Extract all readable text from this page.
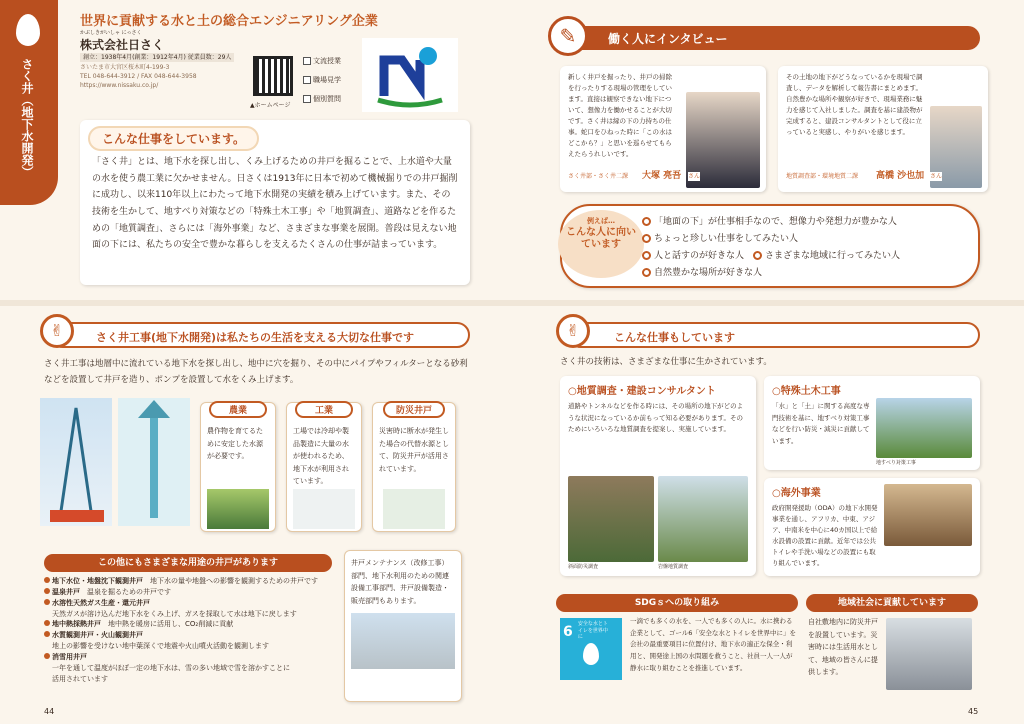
さく井（地下水開発）
世界に貢献する水と土の総合エンジニアリング企業
かぶしきがいしゃ にっさく
株式会社日さく
創立：1938年4月(創業：1912年4月) 従業員数：29人
さいたま市大宮区桜木町4-199-3
TEL 048-644-3912 / FAX 048-644-3958
https://www.nissaku.co.jp/
▲ホームページ
文流授業
職場見学
個別質問
こんな仕事をしています。
「さく井」とは、地下水を探し出し、くみ上げるための井戸を掘ることで、上水道や大量の水を使う農工業に欠かせません。日さくは1913年に日本で初めて機械掘りでの井戸掘削に成功し、以来110年以上にわたって地下水開発の実績を積み上げています。また、その技術を生かして、地すべり対策などの「特殊土木工事」や「地質調査」、道路などを作るための「地質調査」、さらには「海外事業」など、さまざまな事業を展開。普段は見えない地面の下には、私たちの安全で豊かな暮らしを支えるたくさんの仕事が詰まっています。
働く人にインタビュー
✎
新しく井戸を掘ったり、井戸の掃除を行ったりする現場の管理をしています。直接は観察できない地下について、想像力を働かせることが大切です。さく井は縁の下の力持ちの仕事。蛇口をひねった時に「この水はどこから？」と思いを巡らせてもらえたらうれしいです。
さく井部・さく井二課 大塚 亮吾 さん
その土地の地下がどうなっているかを現場で調査し、データを解析して報告書にまとめます。自然豊かな場所や観察が好きで、現場業務に魅力を感じて入社しました。調査を基に建設物が完成すると、建設コンサルタントとして役に立っていると実感し、やりがいを感じます。
地質調査部・環境地質二課 高橋 沙也加 さん
例えば…
こんな人に向いています
「地面の下」が仕事相手なので、想像力や発想力が豊かな人
ちょっと珍しい仕事をしてみたい人
人と話すのが好きな人　 さまざまな地域に行ってみたい人
自然豊かな場所が好きな人
さく井工事(地下水開発)は私たちの生活を支える大切な仕事です
✌
さく井工事は地層中に流れている地下水を探し出し、地中に穴を掘り、その中にパイプやフィルターとなる砂利などを設置して井戸を造り、ポンプを設置して水をくみ上げます。
農業
農作物を育てるために安定した水源が必要です。
工業
工場では冷却や製品製造に大量の水が使われるため、地下水が利用されています。
防災井戸
災害時に断水が発生した場合の代替水源として、防災井戸が活用されています。
この他にもさまざまな用途の井戸があります
地下水位・地盤沈下観測井戸　 地下水の量や地盤への影響を観測するための井戸です
温泉井戸　 温泉を掘るための井戸です
水溶性天然ガス生産・還元井戸
天然ガスが溶け込んだ地下水をくみ上げ、ガスを採取して水は地下に戻します
地中熱採熱井戸　 地中熱を暖房に活用し、CO₂削減に貢献
水質観測井戸・火山観測井戸
地上の影響を受けない地中葉深くで地震や火山噴火活動を観測します
消雪用井戸
一年を通して温度がほぼ一定の地下水は、雪の多い地域で雪を溶かすことに活用されています
井戸メンテナンス（改修工事）部門、地下水利用のための関連設備工事部門、井戸設備製造・販売部門もあります。
44
こんな仕事もしています
✌
さく井の技術は、さまざまな仕事に生かされています。
○地質調査・建設コンサルタント
道路やトンネルなどを作る時には、その場所の地下がどのような状況になっているか前もって知る必要があります。そのためにいろいろな地質調査を提案し、実施しています。
斜面防災調査	岩盤地質調査
○特殊土木工事
「水」と「土」に関する高度な専門技術を基に、地すべり対策工事などを行い防災・減災に貢献しています。
地すべり対策工事
○海外事業
政府開発援助（ODA）の地下水開発事業を通し、アフリカ、中東、アジア、中南米を中心に40カ国以上で給水設備の設置に貢献。近年では公共トイレや手洗い場などの設置にも取り組んでいます。
SDGｓへの取り組み
6 安全な水とトイレを世界中に
一滴でも多くの水を、一人でも多くの人に。水に携わる企業として、ゴール6「安全な水とトイレを世界中に」を会社の最重要項目に位置付け、地下水の適正な保全・利用と、開発途上国の水問題を救うこと、社員一人一人が静水に取り組むことを推進しています。
地域社会に貢献しています
自社敷地内に防災井戸を設置しています。災害時には生活用水として、地域の皆さんに提供します。
45
